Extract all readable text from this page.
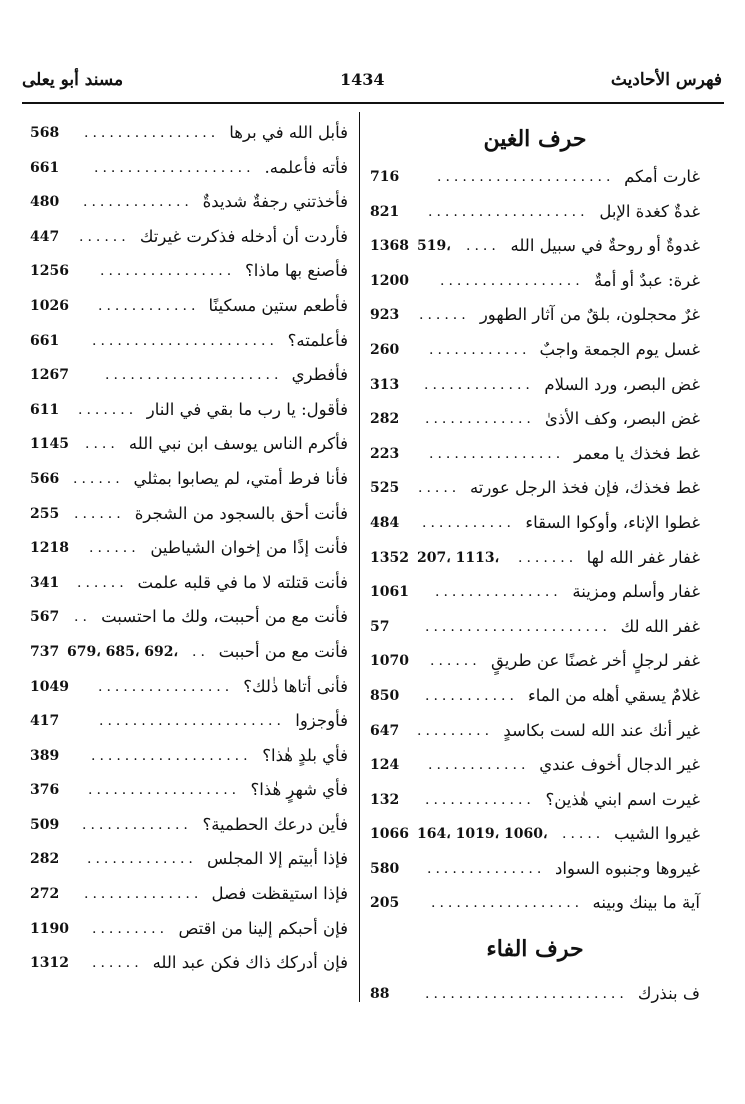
فهرس الأحاديث
1434
مسند أبو يعلى
حرف الغين
غارت أمكم
716	.....................
غدةٌ كغدة الإبل
821 ...................
غدوةٌ أو روحةٌ في سبيل الله
1368 519، ....
غرة: عبدٌ أو أمةٌ
1200 .................
غرٌ محجلون، بلقٌ من آثار الطهور
923 ......
غسل يوم الجمعة واجبٌ
260 ............
غض البصر، ورد السلام
313 .............
غض البصر، وكف الأذىٰ
282 .............
غط فخذك يا معمر
223 ................
غط فخذك، فإن فخذ الرجل عورته
525 .....
غطوا الإناء، وأوكوا السقاء
484 ...........
غفار غفر الله لها
1352 207، 1113، .......
غفار وأسلم ومزينة
1061 ...............
غفر الله لك
57	......................
غفر لرجلٍ أخر غصنًا عن طريقٍ
1070 ......
غلامٌ يسقي أهله من الماء
850 ...........
غير أنك عند الله لست بكاسدٍ
647 .........
غير الدجال أخوف عندي
124 ............
غيرت اسم ابني هٰذين؟
132 .............
غيروا الشيب
1066 164، 1019، 1060، .....
غيروها وجنبوه السواد
580 ..............
آية ما بينك وبينه
205 ..................
حرف الفاء
ف بنذرك
88	........................
فأبل الله في برها
568 ................
فأته فأعلمه.
661 ...................
فأخذتني رجفةٌ شديدةٌ
480 .............
فأردت أن أدخله فذكرت غيرتك
447 ......
فأصنع بها ماذا؟
1256 ................
فأطعم ستين مسكينًا
1026 ............
فأعلمته؟
661 ......................
فأفطري
1267	.....................
فأقول: يا رب ما بقي في النار
611 .......
فأكرم الناس يوسف ابن نبي الله
1145 ....
فأنا فرط أمتي، لم يصابوا بمثلي
566 ......
فأنت أحق بالسجود من الشجرة
255 ......
فأنت إذًا من إخوان الشياطين
1218 ......
فأنت قتلته لا ما في قلبه علمت
341 ......
فأنت مع من أحببت، ولك ما احتسبت
567 ..
فأنت مع من أحببت
737 679، 685، 692، ..
فأنى أتاها ذٰلك؟
1049 ................
فأوجزوا
417	......................
فأي بلدٍ هٰذا؟
389 ...................
فأي شهرٍ هٰذا؟
376 ..................
فأين درعك الحطمية؟
509 .............
فإذا أبيتم إلا المجلس
282 .............
فإذا استيقظت فصل
272 ..............
فإن أحبكم إلينا من اقتص
1190 .........
فإن أدركك ذاك فكن عبد الله
1312 ......
